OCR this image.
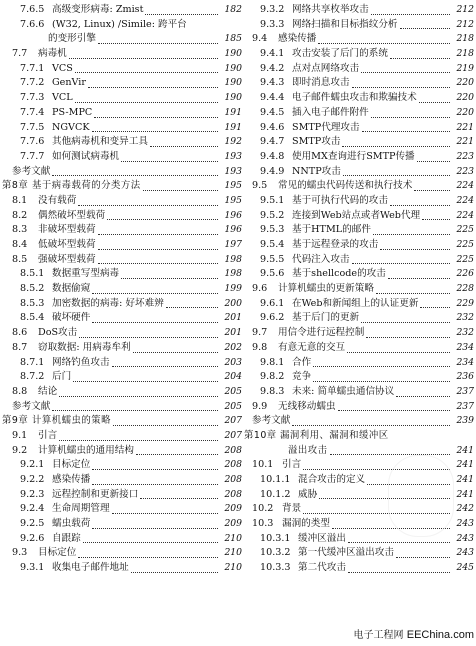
7.6.5 高级变形病毒: Zmist	182
7.6.6 (W32, Linux) /Simile: 跨平台
的变形引擎	185
7.7	病毒机	190
7.7.1 VCS	190
7.7.2 GenVir	190
7.7.3 VCL	190
7.7.4 PS-MPC	191
7.7.5 NGVCK	191
7.7.6 其他病毒机和变异工具	192
7.7.7 如何测试病毒机	193
参考文献	193
第8章 基于病毒载荷的分类方法	195
8.1	没有载荷	195
8.2	偶然破坏型载荷	196
8.3	非破坏型载荷	196
8.4	低破坏型载荷	197
8.5	强破坏型载荷	198
8.5.1 数据重写型病毒	198
8.5.2 数据偷窥	199
8.5.3 加密数据的病毒: 好坏难辨	200
8.5.4 破坏硬件	201
8.6	DoS攻击	201
8.7	窃取数据: 用病毒牟利	202
8.7.1 网络钓鱼攻击	203
8.7.2 后门	204
8.8	结论	205
参考文献	205
第9章 计算机蠕虫的策略	207
9.1	引言	207
9.2	计算机蠕虫的通用结构	208
9.2.1 目标定位	208
9.2.2 感染传播	208
9.2.3 远程控制和更新接口	208
9.2.4 生命周期管理	209
9.2.5 蠕虫载荷	209
9.2.6 自跟踪	210
9.3	目标定位	210
9.3.1 收集电子邮件地址	210
9.3.2 网络共享枚举攻击	212
9.3.3 网络扫描和目标指纹分析	212
9.4	感染传播	218
9.4.1 攻击安装了后门的系统	218
9.4.2 点对点网络攻击	219
9.4.3 即时消息攻击	220
9.4.4 电子邮件蠕虫攻击和欺骗技术	220
9.4.5 插入电子邮件附件	220
9.4.6 SMTP代理攻击	221
9.4.7 SMTP攻击	221
9.4.8 使用MX查询进行SMTP传播	223
9.4.9 NNTP攻击	223
9.5	常见的蠕虫代码传送和执行技术	224
9.5.1 基于可执行代码的攻击	224
9.5.2 连接到Web站点或者Web代理	224
9.5.3 基于HTML的邮件	225
9.5.4 基于远程登录的攻击	225
9.5.5 代码注入攻击	225
9.5.6 基于shellcode的攻击	226
9.6	计算机蠕虫的更新策略	228
9.6.1 在Web和新闻组上的认证更新	229
9.6.2 基于后门的更新	232
9.7	用信令进行远程控制	232
9.8	有意无意的交互	234
9.8.1 合作	234
9.8.2 竞争	236
9.8.3 未来: 简单蠕虫通信协议	237
9.9	无线移动蠕虫	237
参考文献	239
第10章 漏洞利用、漏洞和缓冲区
溢出攻击	241
10.1 引言	241
10.1.1 混合攻击的定义	241
10.1.2 威胁	241
10.2 背景	242
10.3 漏洞的类型	243
10.3.1 缓冲区溢出	243
10.3.2 第一代缓冲区溢出攻击	243
10.3.3 第二代攻击	245
电子工程网 EEChina.com
